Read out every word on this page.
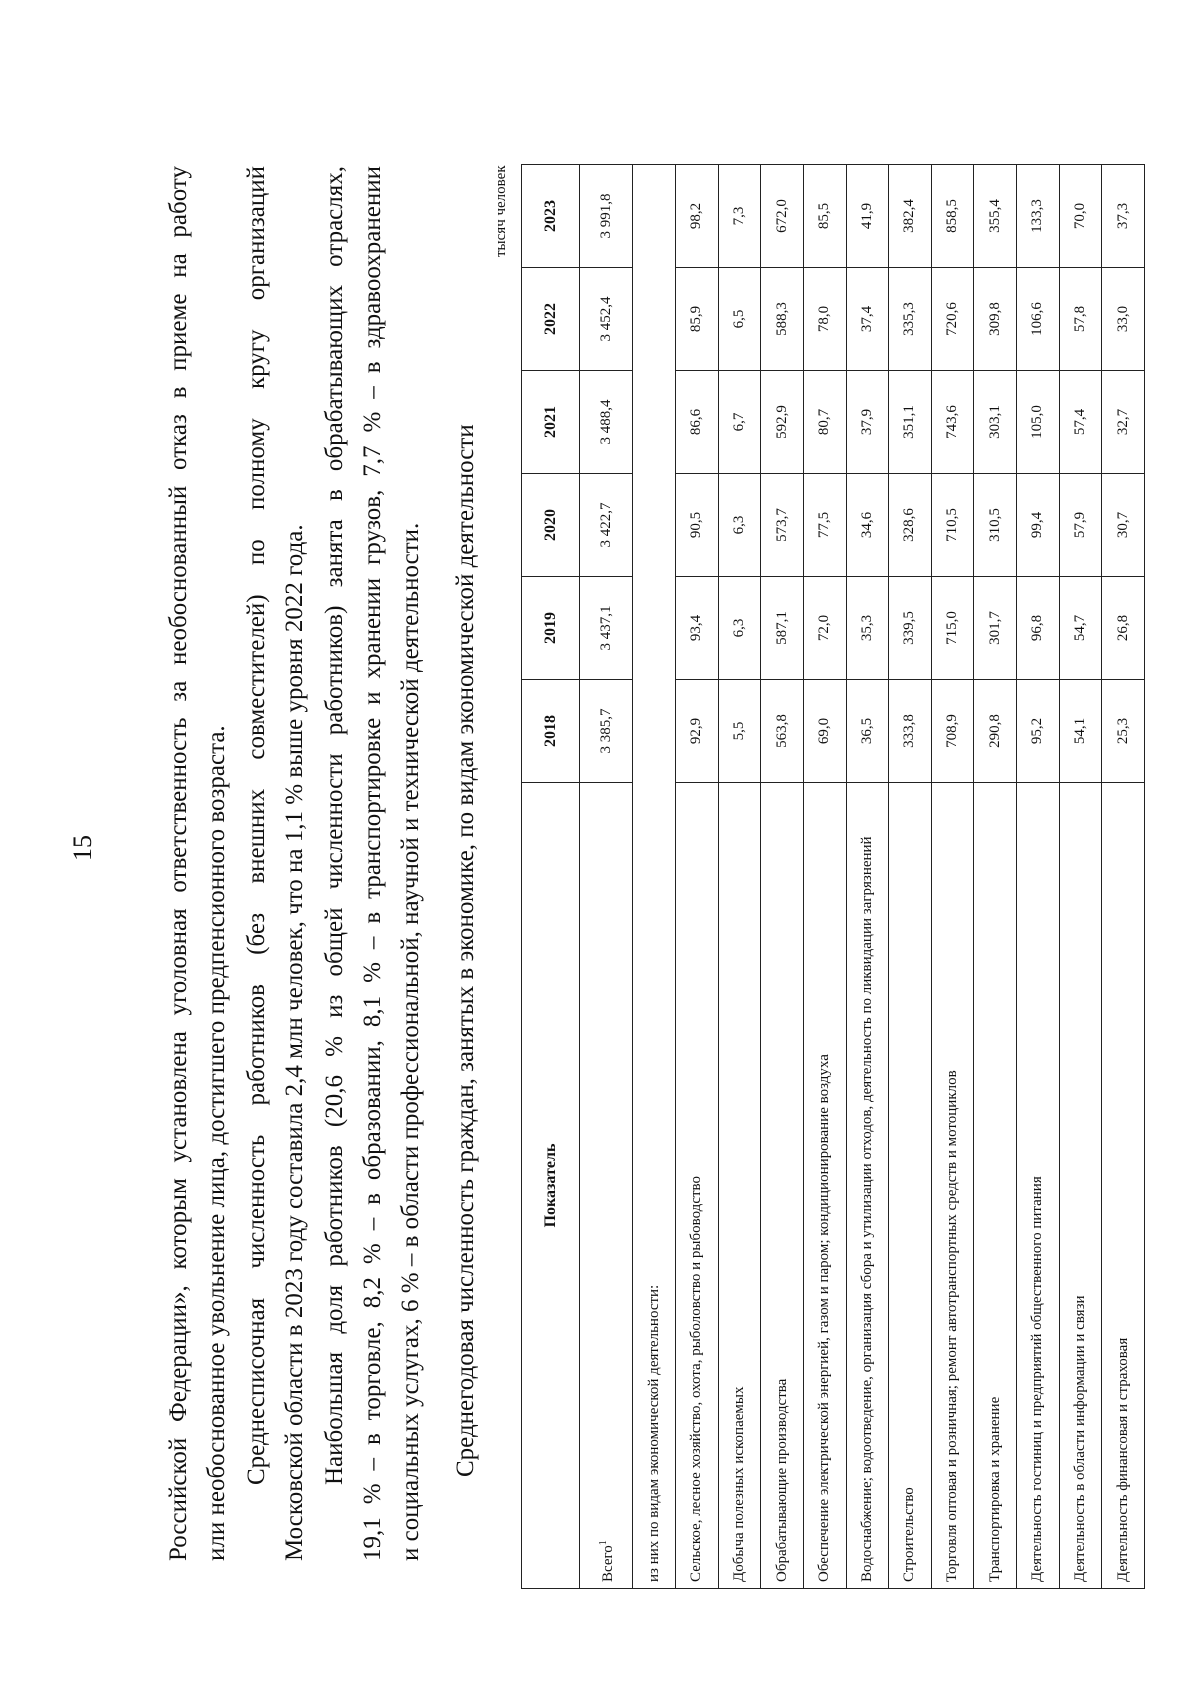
15	Российской Федерации», которым установлена уголовная ответственность за необоснованный отказ в приеме на работу или необоснованное увольнение лица, достигшего предпенсионного возраста. Среднесписочная численность работников (без внешних совместителей) по полному кругу организаций Московской области в 2023 году составила 2,4 млн человек, что на 1,1 % выше уровня 2022 года. Наибольшая доля работников (20,6 % из общей численности работников) занята в обрабатывающих отраслях, 19,1 % – в торговле, 8,2 % – в образовании, 8,1 % – в транспортировке и хранении грузов, 7,7 % – в здравоохранении и социальных услугах, 6 % – в области профессиональной, научной и технической деятельности. Среднегодовая численность граждан, занятых в экономике, по видам экономической деятельности
тысяч человек
Показатель	2018	2019	2020	2021	2022	2023
Всего$^1$	3 385,7	3 437,1	3 422,7	3 488,4	3 452,4	3 991,8
из них по видам экономической деятельности:						
Сельское, лесное хозяйство, охота, рыболовство и рыбоводство	92,9	93,4	90,5	86,6	85,9	98,2
Добыча полезных ископаемых	5,5	6,3	6,3	6,7	6,5	7,3
Обрабатывающие производства	563,8	587,1	573,7	592,9	588,3	672,0
Обеспечение электрической энергией, газом и паром; кондиционирование воздуха	69,0	72,0	77,5	80,7	78,0	85,5
Водоснабжение; водоотведение, организация сбора и утилизации отходов, деятельность по ликвидации загрязнений	36,5	35,3	34,6	37,9	37,4	41,9
Строительство	333,8	339,5	328,6	351,1	335,3	382,4
Торговля оптовая и розничная; ремонт автотранспортных средств и мотоциклов	708,9	715,0	710,5	743,6	720,6	858,5
Транспортировка и хранение	290,8	301,7	310,5	303,1	309,8	355,4
Деятельность гостиниц и предприятий общественного питания	95,2	96,8	99,4	105,0	106,6	133,3
Деятельность в области информации и связи	54,1	54,7	57,9	57,4	57,8	70,0
Деятельность финансовая и страховая	25,3	26,8	30,7	32,7	33,0	37,3
